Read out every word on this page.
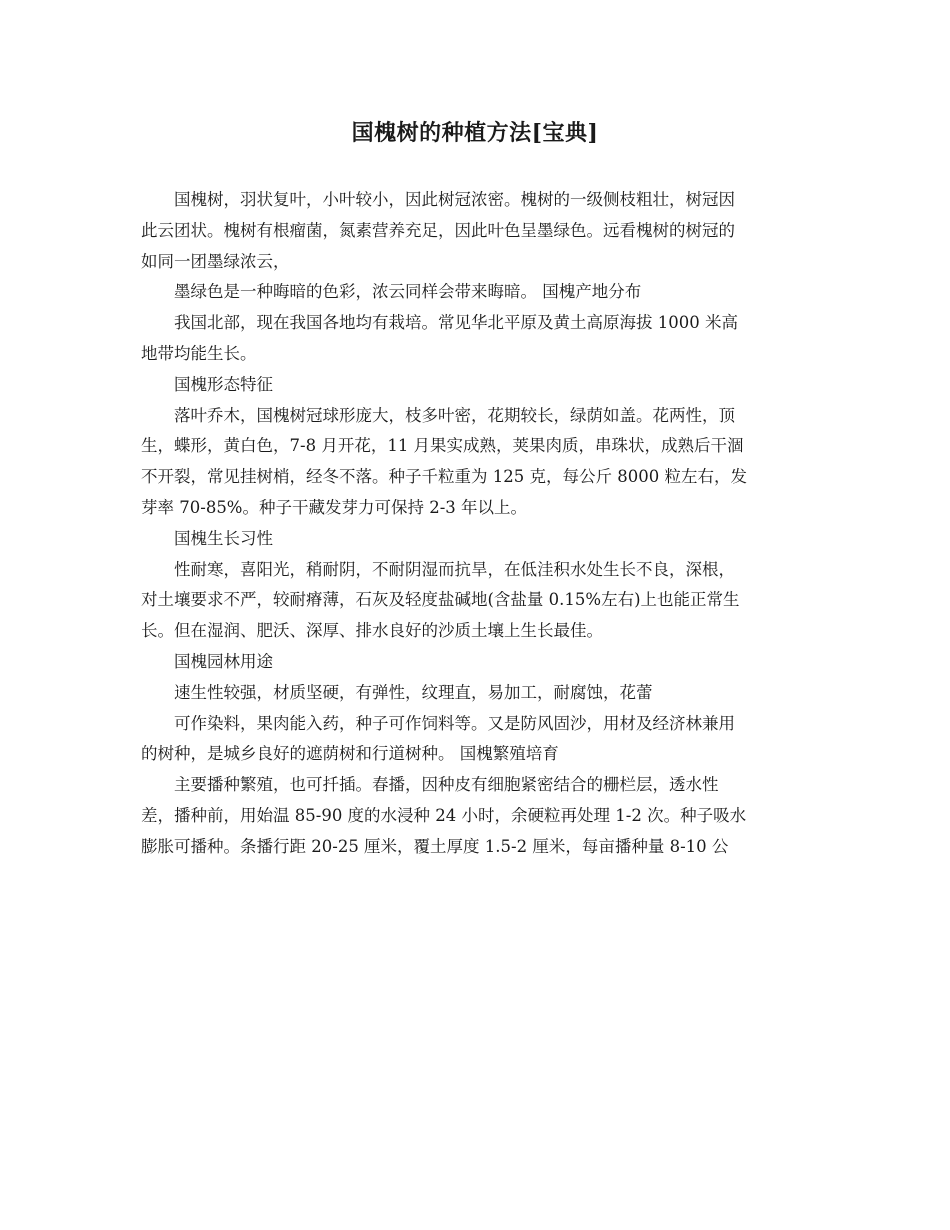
国槐树的种植方法[宝典]
国槐树，羽状复叶，小叶较小，因此树冠浓密。槐树的一级侧枝粗壮，树冠因
此云团状。槐树有根瘤菌，氮素营养充足，因此叶色呈墨绿色。远看槐树的树冠的
如同一团墨绿浓云，
墨绿色是一种晦暗的色彩，浓云同样会带来晦暗。 国槐产地分布
我国北部，现在我国各地均有栽培。常见华北平原及黄土高原海拔 1000 米高
地带均能生长。
国槐形态特征
落叶乔木，国槐树冠球形庞大，枝多叶密，花期较长，绿荫如盖。花两性，顶
生，蝶形，黄白色，7-8 月开花，11 月果实成熟，荚果肉质，串珠状，成熟后干涸
不开裂，常见挂树梢，经冬不落。种子千粒重为 125 克，每公斤 8000 粒左右，发
芽率 70-85%。种子干藏发芽力可保持 2-3 年以上。
国槐生长习性
性耐寒，喜阳光，稍耐阴，不耐阴湿而抗旱，在低洼积水处生长不良，深根，
对土壤要求不严，较耐瘠薄，石灰及轻度盐碱地(含盐量 0.15%左右)上也能正常生
长。但在湿润、肥沃、深厚、排水良好的沙质土壤上生长最佳。
国槐园林用途
速生性较强，材质坚硬，有弹性，纹理直，易加工，耐腐蚀，花蕾
可作染料，果肉能入药，种子可作饲料等。又是防风固沙，用材及经济林兼用
的树种，是城乡良好的遮荫树和行道树种。 国槐繁殖培育
主要播种繁殖，也可扦插。春播，因种皮有细胞紧密结合的栅栏层，透水性
差，播种前，用始温 85-90 度的水浸种 24 小时，余硬粒再处理 1-2 次。种子吸水
膨胀可播种。条播行距 20-25 厘米，覆土厚度 1.5-2 厘米，每亩播种量 8-10 公
